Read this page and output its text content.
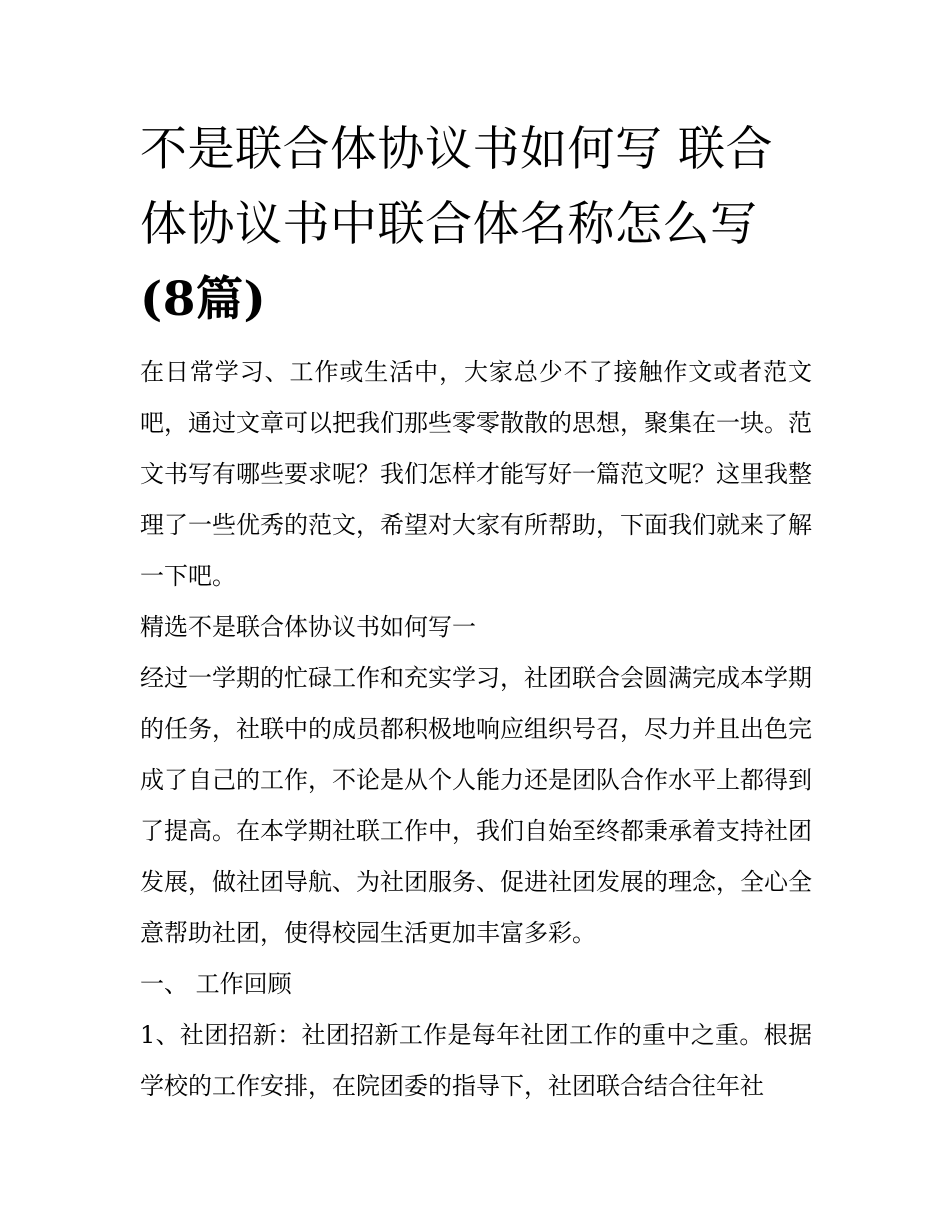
不是联合体协议书如何写 联合体协议书中联合体名称怎么写
(8篇)

在日常学习、工作或生活中，大家总少不了接触作文或者范文吧，通过文章可以把我们那些零零散散的思想，聚集在一块。范文书写有哪些要求呢？我们怎样才能写好一篇范文呢？这里我整理了一些优秀的范文，希望对大家有所帮助，下面我们就来了解一下吧。

精选不是联合体协议书如何写一

经过一学期的忙碌工作和充实学习，社团联合会圆满完成本学期的任务，社联中的成员都积极地响应组织号召，尽力并且出色完成了自己的工作，不论是从个人能力还是团队合作水平上都得到了提高。在本学期社联工作中，我们自始至终都秉承着支持社团发展，做社团导航、为社团服务、促进社团发展的理念，全心全意帮助社团，使得校园生活更加丰富多彩。

一、 工作回顾

1、社团招新：社团招新工作是每年社团工作的重中之重。根据学校的工作安排，在院团委的指导下，社团联合结合往年社
